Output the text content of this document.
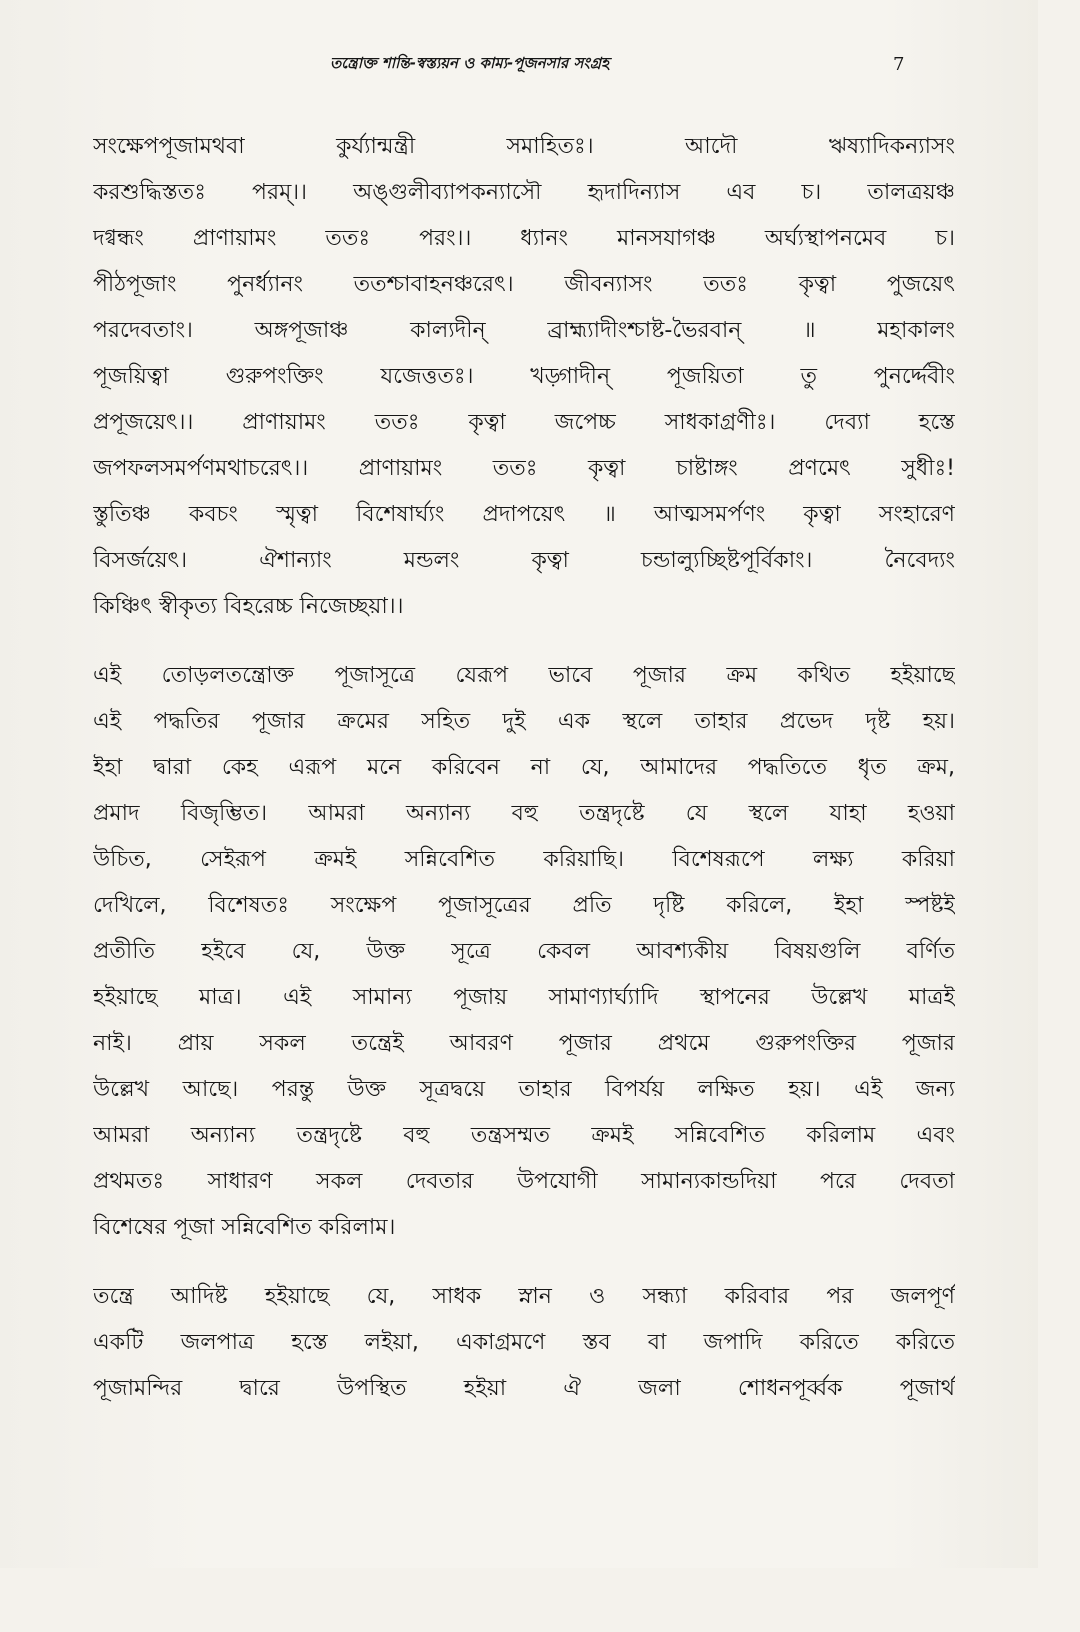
তন্ত্রোক্ত শান্তি-স্বস্ত্যয়ন ও কাম্য-পূজনসার সংগ্রহ	7
সংক্ষেপপূজামথবা কুর্য্যান্মন্ত্রী সমাহিতঃ। আদৌ ঋষ্যাদিকন্যাসং
করশুদ্ধিস্ততঃ পরম্।। অঙ্গুলীব্যাপকন্যাসৌ হৃদাদিন্যাস এব চ। তালত্রয়ঞ্চ
দগ্বন্ধং প্রাণায়ামং ততঃ পরং।। ধ্যানং মানসযাগঞ্চ অর্ঘ্যস্থাপনমেব চ।
পীঠপূজাং পুনর্ধ্যানং ততশ্চাবাহনঞ্চরেৎ। জীবন্যাসং ততঃ কৃত্বা পুজয়েৎ
পরদেবতাং। অঙ্গপূজাঞ্চ কাল্যদীন্ ব্রাহ্ম্যাদীংশ্চাষ্ট-ভৈরবান্ ॥ মহাকালং
পূজয়িত্বা গুরুপংক্তিং যজেত্ততঃ। খড়্গাদীন্ পূজয়িতা তু পুনর্দ্দেবীং
প্রপূজয়েৎ।। প্রাণায়ামং ততঃ কৃত্বা জপেচ্চ সাধকাগ্রণীঃ। দেব্যা হস্তে
জপফলসমর্পণমথাচরেৎ।। প্রাণায়ামং ততঃ কৃত্বা চাষ্টাঙ্গং প্রণমেৎ সুধীঃ!
স্তুতিঞ্চ কবচং স্মৃত্বা বিশেষার্ঘ্যং প্রদাপয়েৎ ॥ আত্মসমর্পণং কৃত্বা সংহারেণ
বিসর্জয়েৎ। ঐশান্যাং মন্ডলং কৃত্বা চন্ডাল্যুচ্ছিষ্টপূর্বিকাং। নৈবেদ্যং
কিঞ্চিৎ স্বীকৃত্য বিহরেচ্চ নিজেচ্ছয়া।।
এই তোড়লতন্ত্রোক্ত পূজাসূত্রে যেরূপ ভাবে পূজার ক্রম কথিত হইয়াছে
এই পদ্ধতির পূজার ক্রমের সহিত দুই এক স্থলে তাহার প্রভেদ দৃষ্ট হয়।
ইহা দ্বারা কেহ এরূপ মনে করিবেন না যে, আমাদের পদ্ধতিতে ধৃত ক্রম,
প্রমাদ বিজৃম্ভিত। আমরা অন্যান্য বহু তন্ত্রদৃষ্টে যে স্থলে যাহা হওয়া
উচিত, সেইরূপ ক্রমই সন্নিবেশিত করিয়াছি। বিশেষরূপে লক্ষ্য করিয়া
দেখিলে, বিশেষতঃ সংক্ষেপ পূজাসূত্রের প্রতি দৃষ্টি করিলে, ইহা স্পষ্টই
প্রতীতি হইবে যে, উক্ত সূত্রে কেবল আবশ্যকীয় বিষয়গুলি বর্ণিত
হইয়াছে মাত্র। এই সামান্য পূজায় সামাণ্যার্ঘ্যাদি স্থাপনের উল্লেখ মাত্রই
নাই। প্রায় সকল তন্ত্রেই আবরণ পূজার প্রথমে গুরুপংক্তির পূজার
উল্লেখ আছে। পরন্তু উক্ত সূত্রদ্বয়ে তাহার বিপর্যয় লক্ষিত হয়। এই জন্য
আমরা অন্যান্য তন্ত্রদৃষ্টে বহু তন্ত্রসম্মত ক্রমই সন্নিবেশিত করিলাম এবং
প্রথমতঃ সাধারণ সকল দেবতার উপযোগী সামান্যকান্ডদিয়া পরে দেবতা
বিশেষের পূজা সন্নিবেশিত করিলাম।
তন্ত্রে আদিষ্ট হইয়াছে যে, সাধক স্নান ও সন্ধ্যা করিবার পর জলপূর্ণ
একটি জলপাত্র হস্তে লইয়া, একাগ্রমণে স্তব বা জপাদি করিতে করিতে
পূজামন্দির দ্বারে উপস্থিত হইয়া ঐ জলা শোধনপূর্ব্বক পূজার্থ
